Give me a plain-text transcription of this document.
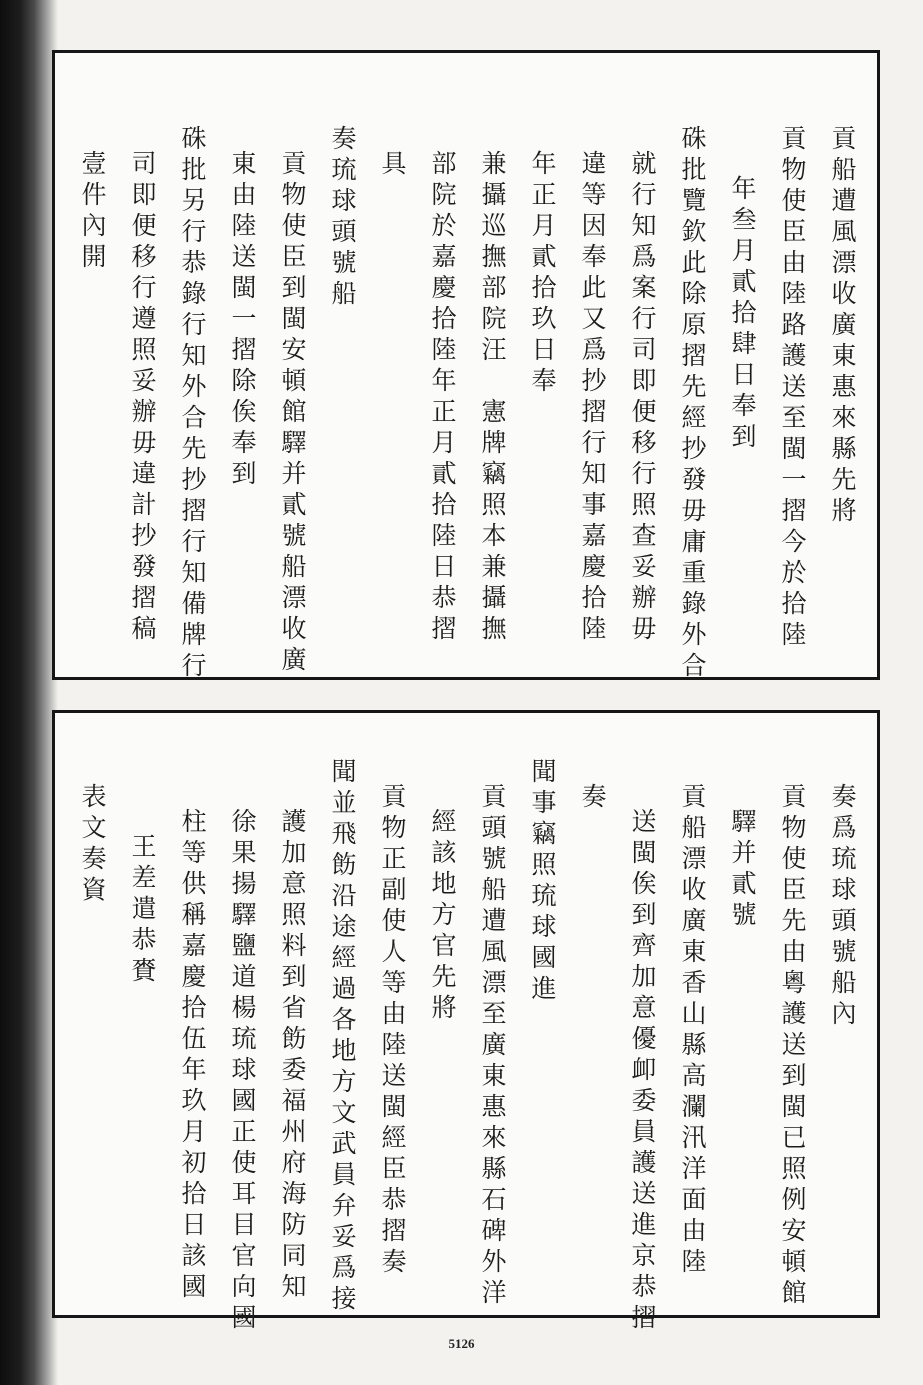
貢船遭風漂收廣東惠來縣先將
貢物使臣由陸路護送至閩一摺今於拾陸
年叁月貳拾肆日奉到
硃批覽欽此除原摺先經抄發毋庸重錄外合
就行知爲案行司即便移行照查妥辦毋
違等因奉此又爲抄摺行知事嘉慶拾陸
年正月貳拾玖日奉
兼攝巡撫部院汪　憲牌竊照本兼攝撫
部院於嘉慶拾陸年正月貳拾陸日恭摺
具
奏琉球頭號船
貢物使臣到閩安頓館驛并貳號船漂收廣
東由陸送閩一摺除俟奉到
硃批另行恭錄行知外合先抄摺行知備牌行
司即便移行遵照妥辦毋違計抄發摺稿
壹件內開
奏爲琉球頭號船內
貢物使臣先由粵護送到閩已照例安頓館
驛并貳號
貢船漂收廣東香山縣高瀾汛洋面由陸
送閩俟到齊加意優卹委員護送進京恭摺
奏
聞事竊照琉球國進
貢頭號船遭風漂至廣東惠來縣石碑外洋
經該地方官先將
貢物正副使人等由陸送閩經臣恭摺奏
聞並飛飭沿途經過各地方文武員弁妥爲接
護加意照料到省飭委福州府海防同知
徐果揚驛鹽道楊琉球國正使耳目官向國
柱等供稱嘉慶拾伍年玖月初拾日該國
王差遣恭賚
表文奏資
5126
